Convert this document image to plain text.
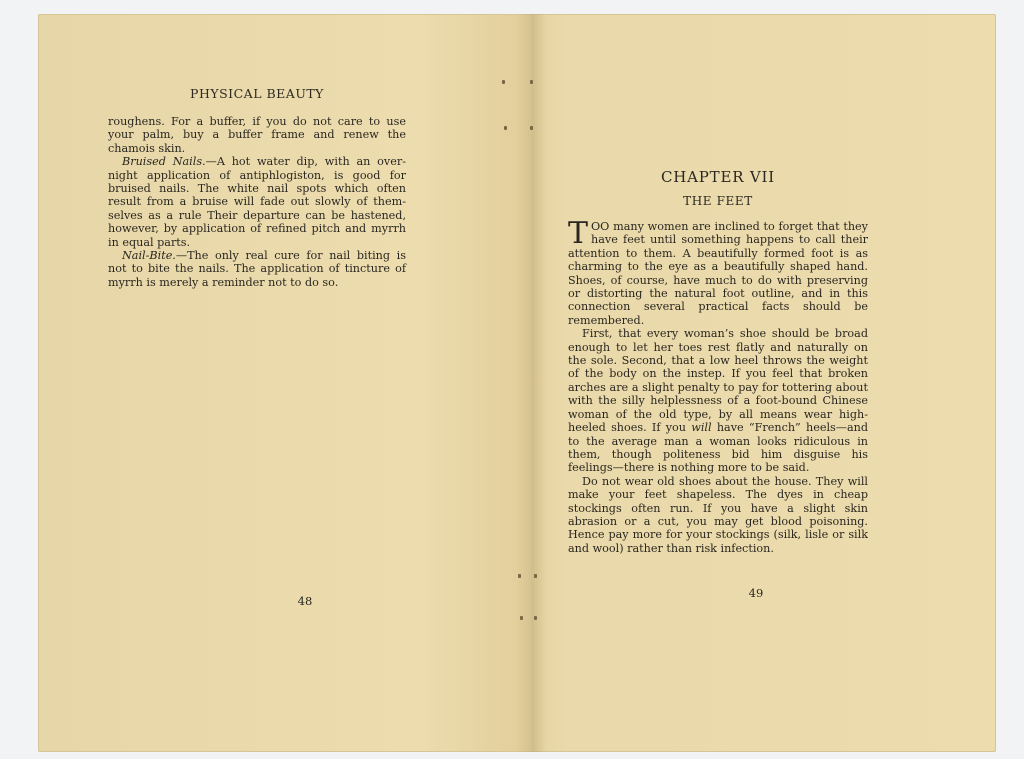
PHYSICAL BEAUTY

roughens. For a buffer, if you do not care to use your palm, buy a buffer frame and renew the chamois skin.

Bruised Nails.—A hot water dip, with an over-night application of antiphlogiston, is good for bruised nails. The white nail spots which often result from a bruise will fade out slowly of them-selves as a rule Their departure can be hastened, however, by application of refined pitch and myrrh in equal parts.

Nail-Bite.—The only real cure for nail biting is not to bite the nails. The application of tincture of myrrh is merely a reminder not to do so.

48
CHAPTER VII
THE FEET

TOO many women are inclined to forget that they have feet until something happens to call their attention to them. A beautifully formed foot is as charming to the eye as a beautifully shaped hand. Shoes, of course, have much to do with preserving or distorting the natural foot outline, and in this connection several practical facts should be remembered.

First, that every woman’s shoe should be broad enough to let her toes rest flatly and naturally on the sole. Second, that a low heel throws the weight of the body on the instep. If you feel that broken arches are a slight penalty to pay for tottering about with the silly helplessness of a foot-bound Chinese woman of the old type, by all means wear high-heeled shoes. If you will have “French” heels—and to the average man a woman looks ridiculous in them, though politeness bid him disguise his feelings—there is nothing more to be said.

Do not wear old shoes about the house. They will make your feet shapeless. The dyes in cheap stockings often run. If you have a slight skin abrasion or a cut, you may get blood poisoning. Hence pay more for your stockings (silk, lisle or silk and wool) rather than risk infection.

49
